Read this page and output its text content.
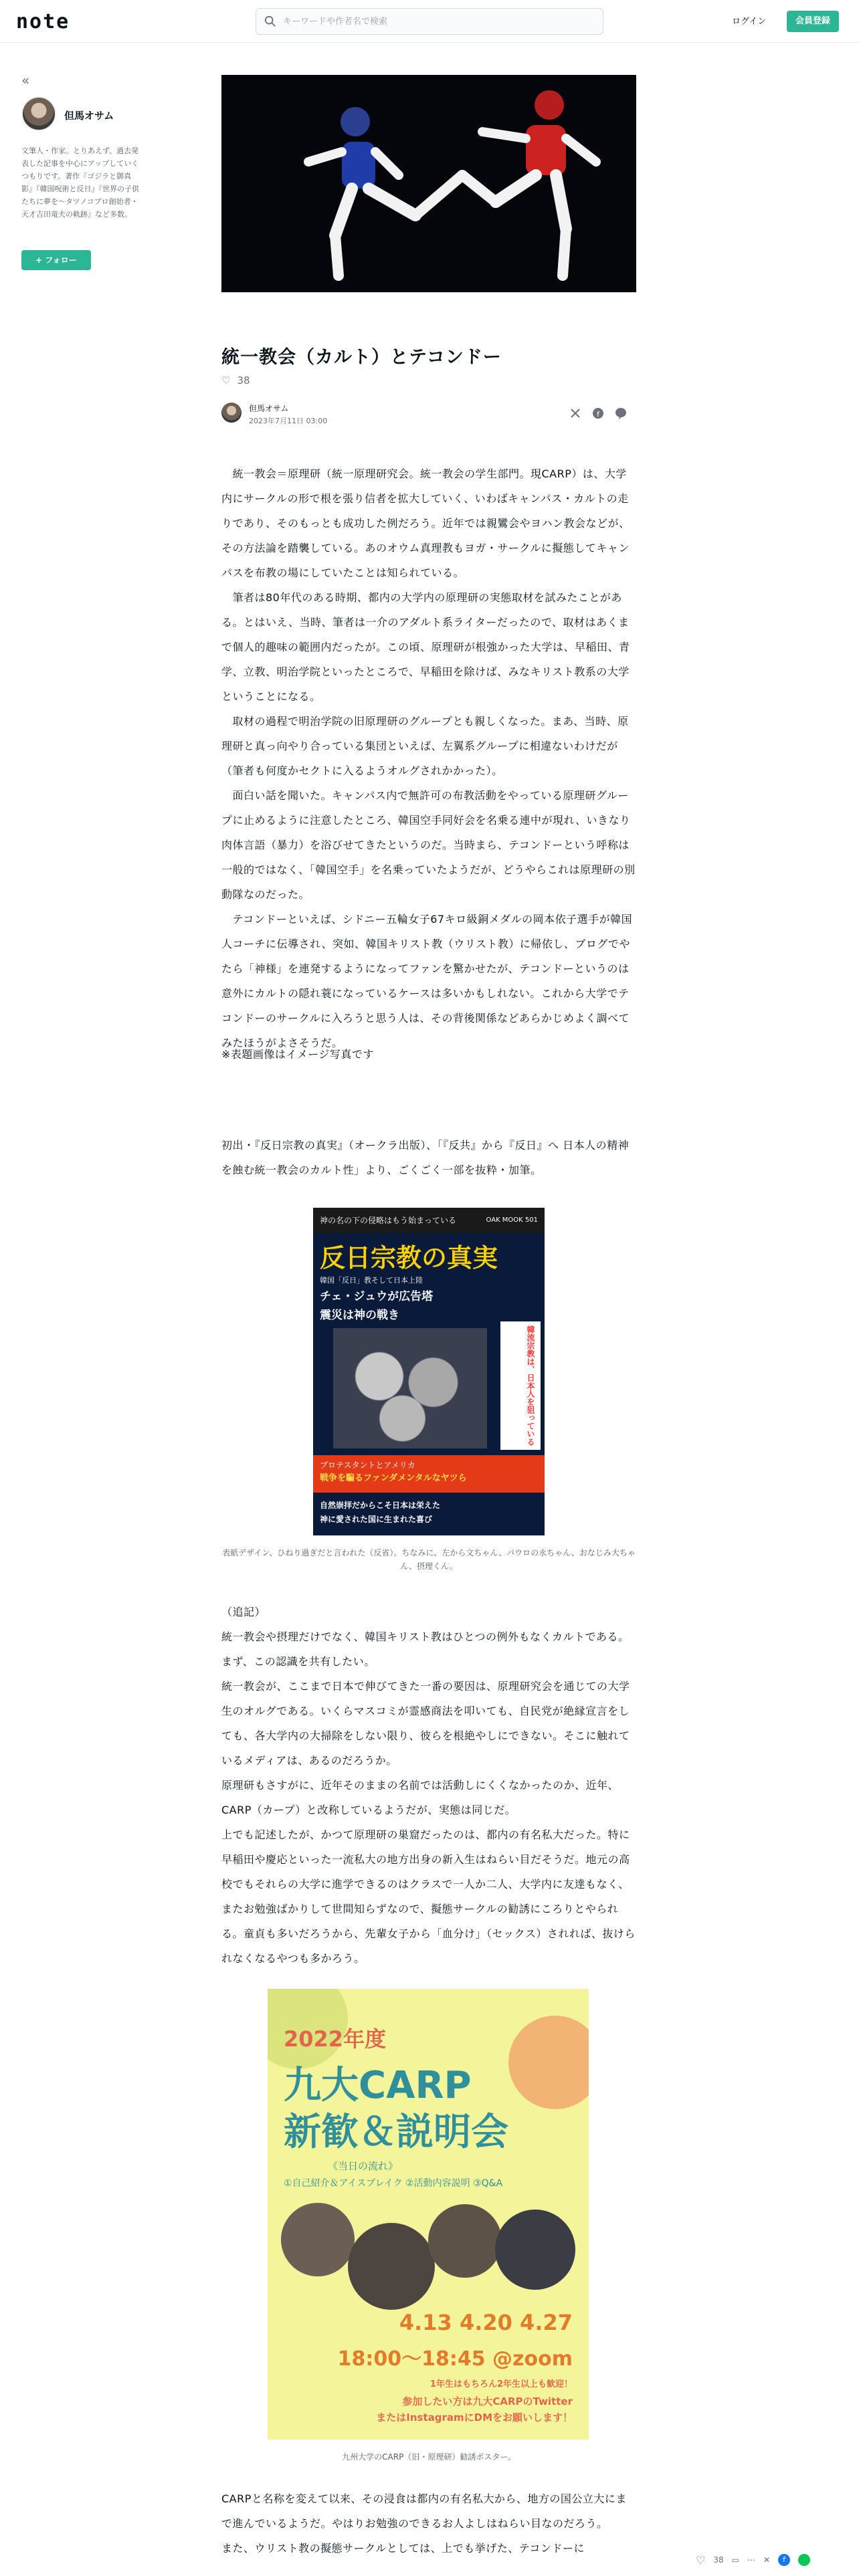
note
キーワードや作者名で検索	ログイン	会員登録
«
但馬オサム
文筆人・作家。とりあえず、過去発表した記事を中心にアップしていくつもりです。著作『ゴジラと御真影』『韓国呪術と反日』『世界の子供たちに夢を〜タツノコプロ創始者・天才吉田竜夫の軌跡』など多数。
+ フォロー
統一教会（カルト）とテコンドー
♡ 38
但馬オサム
2023年7月11日 03:00
f

　統一教会＝原理研（統一原理研究会。統一教会の学生部門。現CARP）は、大学内にサークルの形で根を張り信者を拡大していく、いわばキャンパス・カルトの走りであり、そのもっとも成功した例だろう。近年では親鸞会やヨハン教会などが、その方法論を踏襲している。あのオウム真理教もヨガ・サークルに擬態してキャンパスを布教の場にしていたことは知られている。

　筆者は80年代のある時期、都内の大学内の原理研の実態取材を試みたことがある。とはいえ、当時、筆者は一介のアダルト系ライターだったので、取材はあくまで個人的趣味の範囲内だったが。この頃、原理研が根強かった大学は、早稲田、青学、立教、明治学院といったところで、早稲田を除けば、みなキリスト教系の大学ということになる。

　取材の過程で明治学院の旧原理研のグループとも親しくなった。まあ、当時、原理研と真っ向やり合っている集団といえば、左翼系グループに相違ないわけだが（筆者も何度かセクトに入るようオルグされかかった）。

　面白い話を聞いた。キャンパス内で無許可の布教活動をやっている原理研グループに止めるように注意したところ、韓国空手同好会を名乗る連中が現れ、いきなり肉体言語（暴力）を浴びせてきたというのだ。当時まら、テコンドーという呼称は一般的ではなく、「韓国空手」を名乗っていたようだが、どうやらこれは原理研の別動隊なのだった。

　テコンドーといえば、シドニー五輪女子67キロ級銅メダルの岡本依子選手が韓国人コーチに伝導され、突如、韓国キリスト教（ウリスト教）に帰依し、ブログでやたら「神様」を連発するようになってファンを驚かせたが、テコンドーというのは意外にカルトの隠れ蓑になっているケースは多いかもしれない。これから大学でテコンドーのサークルに入ろうと思う人は、その背後関係などあらかじめよく調べてみたほうがよさそうだ。

※表題画像はイメージ写真です
初出・『反日宗教の真実』（オークラ出版）、「『反共』から『反日』へ 日本人の精神を蝕む統一教会のカルト性」より、ごくごく一部を抜粋・加筆。
神の名の下の侵略はもう始まっている	OAK MOOK 501
反日宗教の真実
韓国「反日」教そして日本上陸
チェ・ジュウが広告塔
震災は神の戦き
韓流宗教は、日本人を狙っている
プロテスタントとアメリカ
戦争を騙るファンダメンタルなヤツら
自然崇拝だからこそ日本は栄えた
神に愛された国に生まれた喜び
表紙デザイン、ひねり過ぎだと言われた（反省）。ちなみに、左から文ちゃん、パウロの永ちゃん、おなじみ大ちゃん、摂理くん。
（追記）

統一教会や摂理だけでなく、韓国キリスト教はひとつの例外もなくカルトである。まず、この認識を共有したい。

統一教会が、ここまで日本で伸びてきた一番の要因は、原理研究会を通じての大学生のオルグである。いくらマスコミが霊感商法を叩いても、自民党が絶縁宣言をしても、各大学内の大掃除をしない限り、彼らを根絶やしにできない。そこに触れているメディアは、あるのだろうか。

原理研もさすがに、近年そのままの名前では活動しにくくなかったのか、近年、CARP（カープ）と改称しているようだが、実態は同じだ。

上でも記述したが、かつて原理研の巣窟だったのは、都内の有名私大だった。特に早稲田や慶応といった一流私大の地方出身の新入生はねらい目だそうだ。地元の高校でもそれらの大学に進学できるのはクラスで一人か二人、大学内に友達もなく、またお勉強ばかりして世間知らずなので、擬態サークルの勧誘にころりとやられる。童貞も多いだろうから、先輩女子から「血分け」（セックス）されれば、抜けられなくなるやつも多かろう。

2022年度
九大CARP
新歓＆説明会
《当日の流れ》
①自己紹介＆アイスブレイク ②活動内容説明 ③Q&A
4.13 4.20 4.27
18:00〜18:45 @zoom
1年生はもちろん2年生以上も歓迎！
参加したい方は九大CARPのTwitter
またはInstagramにDMをお願いします！
九州大学のCARP（旧・原理研）勧誘ポスター。

CARPと名称を変えて以来、その浸食は都内の有名私大から、地方の国公立大にまで進んでいるようだ。やはりお勉強のできるお人よしはねらい目なのだろう。

また、ウリスト教の擬態サークルとしては、上でも挙げた、テコンドーに

♡ 38 ▭ ⋯ ✕	f
